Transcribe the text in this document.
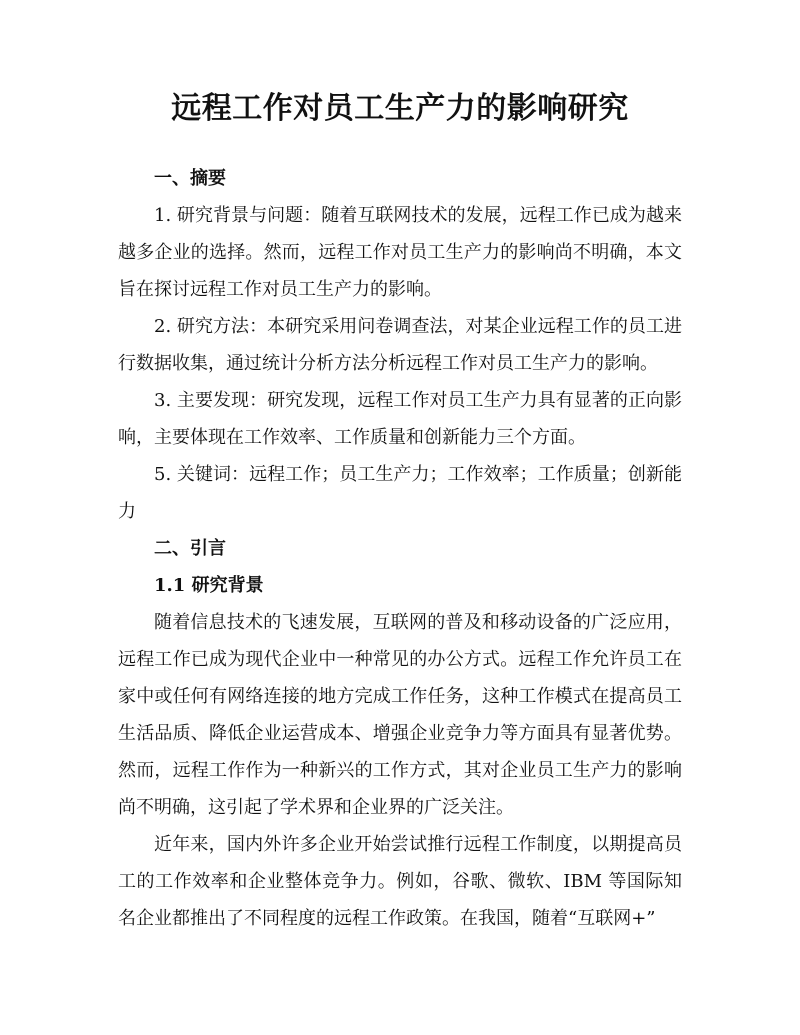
远程工作对员工生产力的影响研究
一、摘要

1. 研究背景与问题：随着互联网技术的发展，远程工作已成为越来越多企业的选择。然而，远程工作对员工生产力的影响尚不明确，本文旨在探讨远程工作对员工生产力的影响。

2. 研究方法：本研究采用问卷调查法，对某企业远程工作的员工进行数据收集，通过统计分析方法分析远程工作对员工生产力的影响。

3. 主要发现：研究发现，远程工作对员工生产力具有显著的正向影响，主要体现在工作效率、工作质量和创新能力三个方面。

5. 关键词：远程工作；员工生产力；工作效率；工作质量；创新能力

二、引言
1.1 研究背景

随着信息技术的飞速发展，互联网的普及和移动设备的广泛应用，远程工作已成为现代企业中一种常见的办公方式。远程工作允许员工在家中或任何有网络连接的地方完成工作任务，这种工作模式在提高员工生活品质、降低企业运营成本、增强企业竞争力等方面具有显著优势。然而，远程工作作为一种新兴的工作方式，其对企业员工生产力的影响尚不明确，这引起了学术界和企业界的广泛关注。

近年来，国内外许多企业开始尝试推行远程工作制度，以期提高员工的工作效率和企业整体竞争力。例如，谷歌、微软、IBM 等国际知名企业都推出了不同程度的远程工作政策。在我国，随着“互联网+”
